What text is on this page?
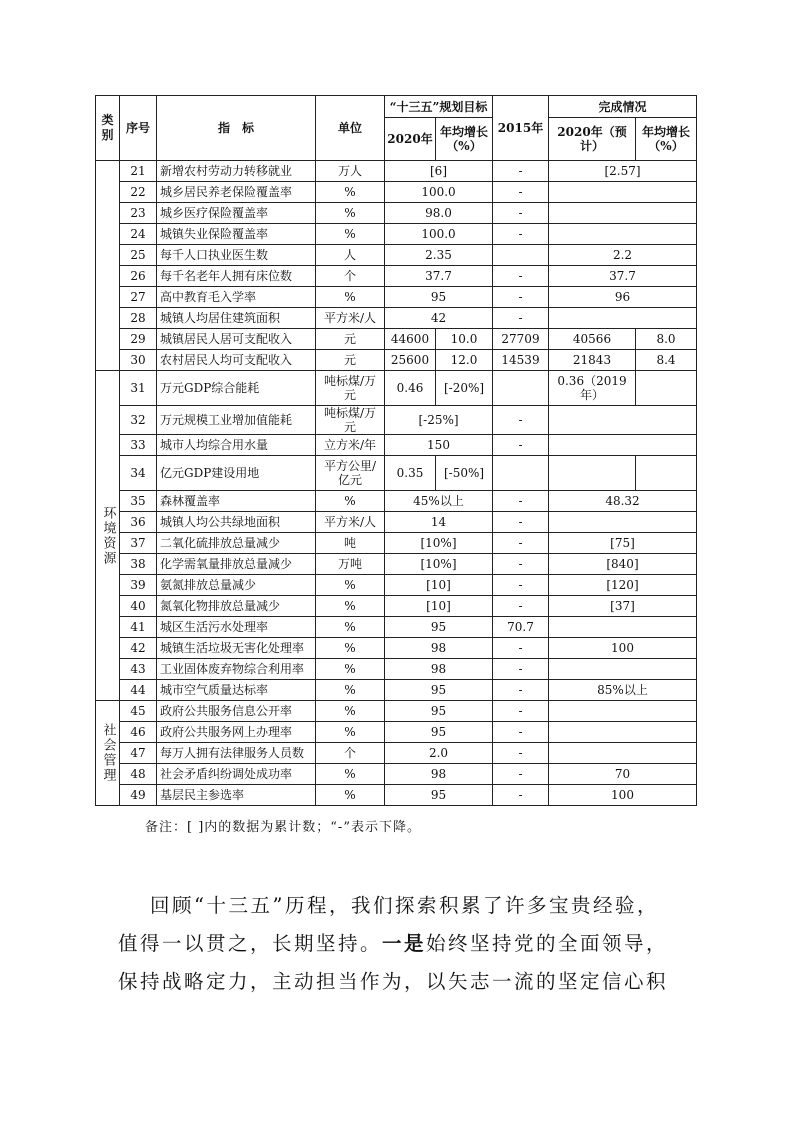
类别	序号	指　标	单位	“十三五”规划目标		2015年	完成情况	
				2020年	年均增长（%）		2020年（预计）	年均增长（%）
	21	新增农村劳动力转移就业	万人	[6]		-	[2.57]	
	22	城乡居民养老保险覆盖率	%	100.0		-		
	23	城乡医疗保险覆盖率	%	98.0		-		
	24	城镇失业保险覆盖率	%	100.0		-		
	25	每千人口执业医生数	人	2.35			2.2	
	26	每千名老年人拥有床位数	个	37.7		-	37.7	
	27	高中教育毛入学率	%	95		-	96	
	28	城镇人均居住建筑面积	平方米/人	42		-		
	29	城镇居民人居可支配收入	元	44600	10.0	27709	40566	8.0
	30	农村居民人均可支配收入	元	25600	12.0	14539	21843	8.4
环境资源	31	万元GDP综合能耗	吨标煤/万元	0.46	[-20%]		0.36（2019年）	
	32	万元规模工业增加值能耗	吨标煤/万元	[-25%]		-		
	33	城市人均综合用水量	立方米/年	150		-		
	34	亿元GDP建设用地	平方公里/亿元	0.35	[-50%]			
	35	森林覆盖率	%	45%以上		-	48.32	
	36	城镇人均公共绿地面积	平方米/人	14		-		
	37	二氧化硫排放总量减少	吨	[10%]		-	[75]	
	38	化学需氧量排放总量减少	万吨	[10%]		-	[840]	
	39	氨氮排放总量减少	%	[10]		-	[120]	
	40	氮氧化物排放总量减少	%	[10]		-	[37]	
	41	城区生活污水处理率	%	95		70.7		
	42	城镇生活垃圾无害化处理率	%	98		-	100	
	43	工业固体废弃物综合利用率	%	98		-		
	44	城市空气质量达标率	%	95		-	85%以上	
社会管理	45	政府公共服务信息公开率	%	95		-		
	46	政府公共服务网上办理率	%	95		-		
	47	每万人拥有法律服务人员数	个	2.0		-		
	48	社会矛盾纠纷调处成功率	%	98		-	70	
	49	基层民主参选率	%	95		-	100	
备注：[ ]内的数据为累计数；“-”表示下降。
回顾“十三五”历程，我们探索积累了许多宝贵经验，
值得一以贯之，长期坚持。一是始终坚持党的全面领导，
保持战略定力，主动担当作为，以矢志一流的坚定信心积
